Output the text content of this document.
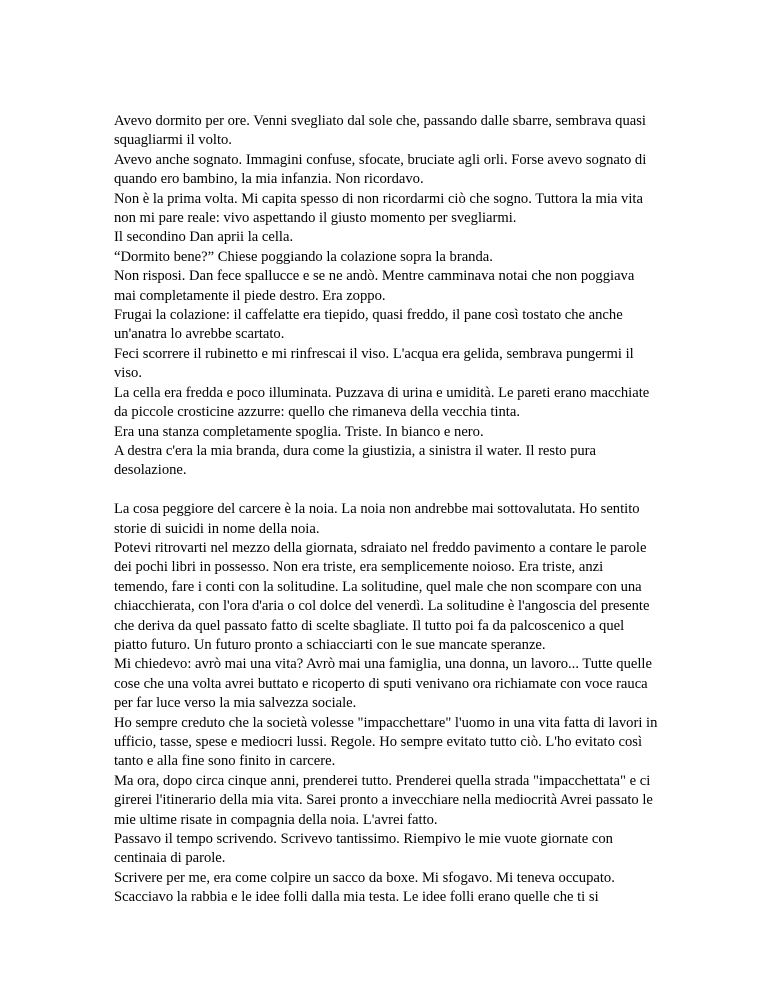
Avevo dormito per ore. Venni svegliato dal sole che, passando dalle sbarre, sembrava quasi squagliarmi il volto.

Avevo anche sognato. Immagini confuse, sfocate, bruciate agli orli. Forse avevo sognato di quando ero bambino, la mia infanzia. Non ricordavo.

Non è la prima volta. Mi capita spesso di non ricordarmi ciò che sogno. Tuttora la mia vita non mi pare reale: vivo aspettando il giusto momento per svegliarmi.

Il secondino Dan aprii la cella.

“Dormito bene?” Chiese poggiando la colazione sopra la branda.

Non risposi. Dan fece spallucce e se ne andò. Mentre camminava notai che non poggiava mai completamente il piede destro. Era zoppo.

Frugai la colazione: il caffelatte era tiepido, quasi freddo, il pane così tostato che anche un'anatra lo avrebbe scartato.

Feci scorrere il rubinetto e mi rinfrescai il viso. L'acqua era gelida, sembrava pungermi il viso.

La cella era fredda e poco illuminata. Puzzava di urina e umidità. Le pareti erano macchiate da piccole crosticine azzurre: quello che rimaneva della vecchia tinta.

Era una stanza completamente spoglia. Triste. In bianco e nero.

A destra c'era la mia branda, dura come la giustizia, a sinistra il water. Il resto pura desolazione.

La cosa peggiore del carcere è la noia. La noia non andrebbe mai sottovalutata. Ho sentito storie di suicidi in nome della noia.

Potevi ritrovarti nel mezzo della giornata, sdraiato nel freddo pavimento a contare le parole dei pochi libri in possesso. Non era triste, era semplicemente noioso. Era triste, anzi temendo, fare i conti con la solitudine. La solitudine, quel male che non scompare con una chiacchierata, con l'ora d'aria o col dolce del venerdì. La solitudine è l'angoscia del presente che deriva da quel passato fatto di scelte sbagliate. Il tutto poi fa da palcoscenico a quel piatto futuro. Un futuro pronto a schiacciarti con le sue mancate speranze.

Mi chiedevo: avrò mai una vita? Avrò mai una famiglia, una donna, un lavoro... Tutte quelle cose che una volta avrei buttato e ricoperto di sputi venivano ora richiamate con voce rauca per far luce verso la mia salvezza sociale.

Ho sempre creduto che la società volesse "impacchettare" l'uomo in una vita fatta di lavori in ufficio, tasse, spese e mediocri lussi. Regole. Ho sempre evitato tutto ciò. L'ho evitato così tanto e alla fine sono finito in carcere.

Ma ora, dopo circa cinque anni, prenderei tutto. Prenderei quella strada "impacchettata" e ci girerei l'itinerario della mia vita. Sarei pronto a invecchiare nella mediocrità Avrei passato le mie ultime risate in compagnia della noia. L'avrei fatto.

Passavo il tempo scrivendo. Scrivevo tantissimo. Riempivo le mie vuote giornate con centinaia di parole.

Scrivere per me, era come colpire un sacco da boxe. Mi sfogavo. Mi teneva occupato. Scacciavo la rabbia e le idee folli dalla mia testa. Le idee folli erano quelle che ti si
